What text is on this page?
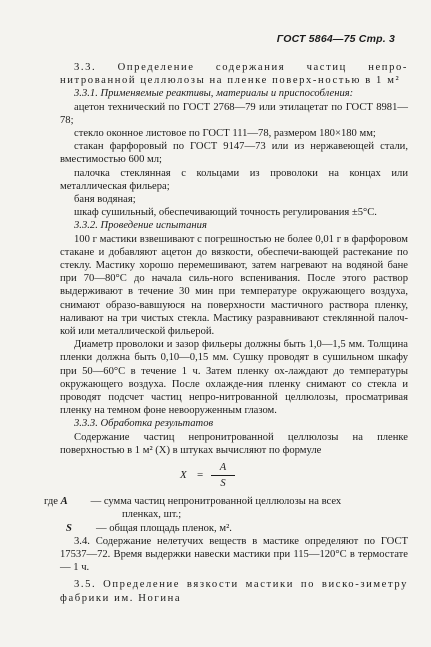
ГОСТ 5864—75 Стр. 3

3.3. Определение содержания частиц непро-нитрованной целлюлозы на пленке поверх-ностью в 1 м²

3.3.1. Применяемые реактивы, материалы и приспособления:

ацетон технический по ГОСТ 2768—79 или этилацетат по ГОСТ 8981—78;

стекло оконное листовое по ГОСТ 111—78, размером 180×180 мм;

стакан фарфоровый по ГОСТ 9147—73 или из нержавеющей стали, вместимостью 600 мл;

палочка стеклянная с кольцами из проволоки на концах или металлическая фильера;

баня водяная;

шкаф сушильный, обеспечивающий точность регулирования ±5°С.

3.3.2. Проведение испытания

100 г мастики взвешивают с погрешностью не более 0,01 г в фарфоровом стакане и добавляют ацетон до вязкости, обеспечи-вающей растекание по стеклу. Мастику хорошо перемешивают, затем нагревают на водяной бане при 70—80°С до начала силь-ного вспенивания. После этого раствор выдерживают в течение 30 мин при температуре окружающего воздуха, снимают образо-вавшуюся на поверхности мастичного раствора пленку, наливают на три чистых стекла. Мастику разравнивают стеклянной палоч-кой или металлической фильерой.

Диаметр проволоки и зазор фильеры должны быть 1,0—1,5 мм. Толщина пленки должна быть 0,10—0,15 мм. Сушку проводят в сушильном шкафу при 50—60°С в течение 1 ч. Затем пленку ох-лаждают до температуры окружающего воздуха. После охлажде-ния пленку снимают со стекла и проводят подсчет частиц непро-нитрованной целлюлозы, просматривая пленку на темном фоне невооруженным глазом.

3.3.3. Обработка результатов

Содержание частиц непронитрованной целлюлозы на пленке поверхностью в 1 м² (X) в штуках вычисляют по формуле

$X = \frac{A}{S}$

где A — сумма частиц непронитрованной целлюлозы на всех
пленках, шт.;

S — общая площадь пленок, м².

3.4. Содержание нелетучих веществ в мастике определяют по ГОСТ 17537—72. Время выдержки навески мастики при 115—120°С в термостате — 1 ч.

3.5. Определение вязкости мастики по виско-зиметру фабрики им. Ногина
